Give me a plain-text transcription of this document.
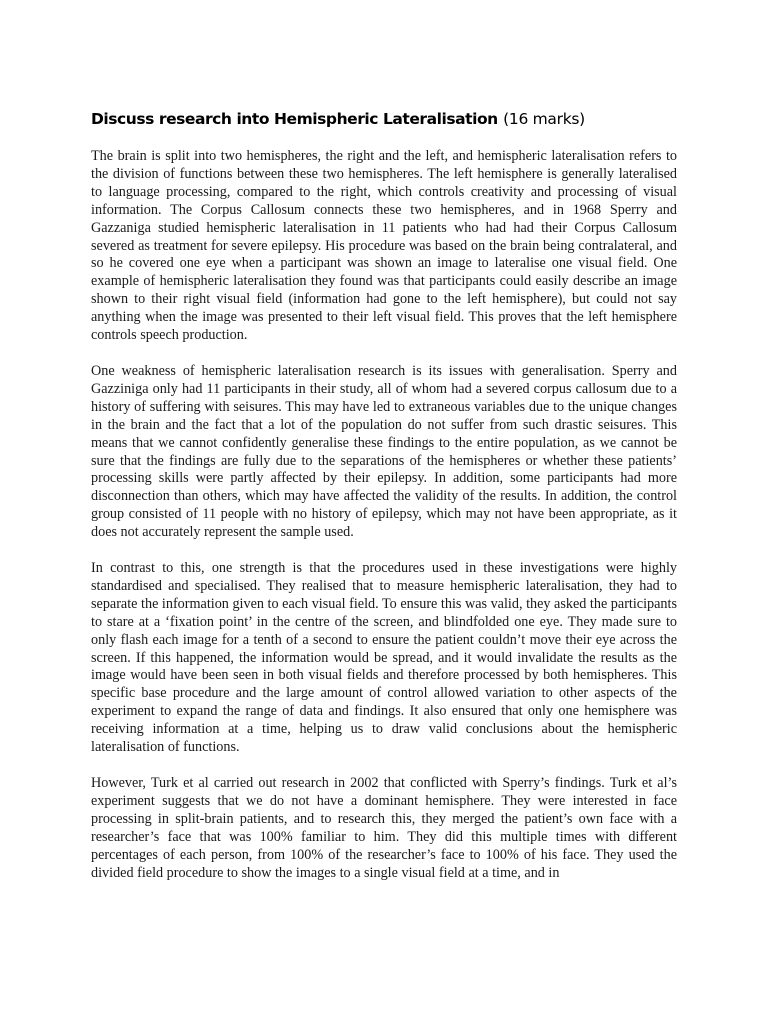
Discuss research into Hemispheric Lateralisation (16 marks)

The brain is split into two hemispheres, the right and the left, and hemispheric lateralisation refers to the division of functions between these two hemispheres. The left hemisphere is generally lateralised to language processing, compared to the right, which controls creativity and processing of visual information. The Corpus Callosum connects these two hemispheres, and in 1968 Sperry and Gazzaniga studied hemispheric lateralisation in 11 patients who had had their Corpus Callosum severed as treatment for severe epilepsy. His procedure was based on the brain being contralateral, and so he covered one eye when a participant was shown an image to lateralise one visual field. One example of hemispheric lateralisation they found was that participants could easily describe an image shown to their right visual field (information had gone to the left hemisphere), but could not say anything when the image was presented to their left visual field. This proves that the left hemisphere controls speech production.

One weakness of hemispheric lateralisation research is its issues with generalisation. Sperry and Gazziniga only had 11 participants in their study, all of whom had a severed corpus callosum due to a history of suffering with seisures. This may have led to extraneous variables due to the unique changes in the brain and the fact that a lot of the population do not suffer from such drastic seisures. This means that we cannot confidently generalise these findings to the entire population, as we cannot be sure that the findings are fully due to the separations of the hemispheres or whether these patients’ processing skills were partly affected by their epilepsy. In addition, some participants had more disconnection than others, which may have affected the validity of the results. In addition, the control group consisted of 11 people with no history of epilepsy, which may not have been appropriate, as it does not accurately represent the sample used.

In contrast to this, one strength is that the procedures used in these investigations were highly standardised and specialised. They realised that to measure hemispheric lateralisation, they had to separate the information given to each visual field. To ensure this was valid, they asked the participants to stare at a ‘fixation point’ in the centre of the screen, and blindfolded one eye. They made sure to only flash each image for a tenth of a second to ensure the patient couldn’t move their eye across the screen. If this happened, the information would be spread, and it would invalidate the results as the image would have been seen in both visual fields and therefore processed by both hemispheres. This specific base procedure and the large amount of control allowed variation to other aspects of the experiment to expand the range of data and findings. It also ensured that only one hemisphere was receiving information at a time, helping us to draw valid conclusions about the hemispheric lateralisation of functions.

However, Turk et al carried out research in 2002 that conflicted with Sperry’s findings. Turk et al’s experiment suggests that we do not have a dominant hemisphere. They were interested in face processing in split-brain patients, and to research this, they merged the patient’s own face with a researcher’s face that was 100% familiar to him. They did this multiple times with different percentages of each person, from 100% of the researcher’s face to 100% of his face. They used the divided field procedure to show the images to a single visual field at a time, and in
